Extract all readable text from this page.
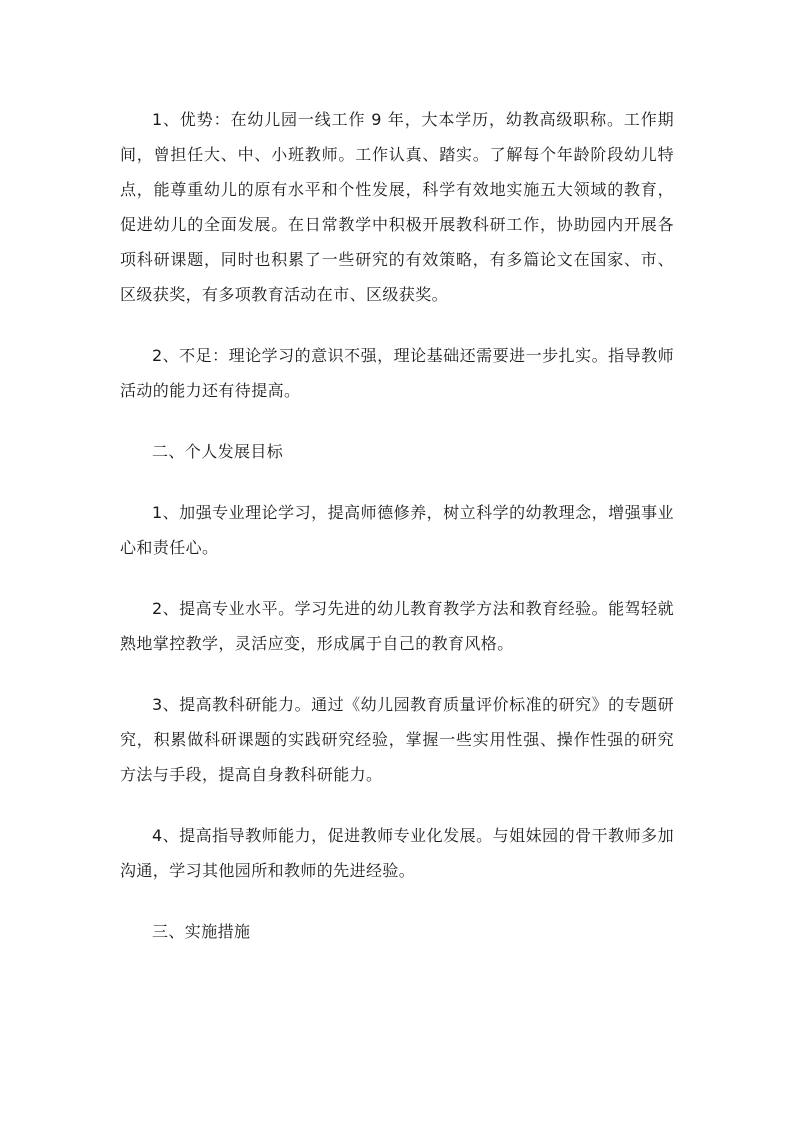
1、优势：在幼儿园一线工作 9 年，大本学历，幼教高级职称。工作期间，曾担任大、中、小班教师。工作认真、踏实。了解每个年龄阶段幼儿特点，能尊重幼儿的原有水平和个性发展，科学有效地实施五大领域的教育，促进幼儿的全面发展。在日常教学中积极开展教科研工作，协助园内开展各项科研课题，同时也积累了一些研究的有效策略，有多篇论文在国家、市、区级获奖，有多项教育活动在市、区级获奖。

2、不足：理论学习的意识不强，理论基础还需要进一步扎实。指导教师活动的能力还有待提高。

二、个人发展目标

1、加强专业理论学习，提高师德修养，树立科学的幼教理念，增强事业心和责任心。

2、提高专业水平。学习先进的幼儿教育教学方法和教育经验。能驾轻就熟地掌控教学，灵活应变，形成属于自己的教育风格。

3、提高教科研能力。通过《幼儿园教育质量评价标准的研究》的专题研究，积累做科研课题的实践研究经验，掌握一些实用性强、操作性强的研究方法与手段，提高自身教科研能力。

4、提高指导教师能力，促进教师专业化发展。与姐妹园的骨干教师多加沟通，学习其他园所和教师的先进经验。

三、实施措施
